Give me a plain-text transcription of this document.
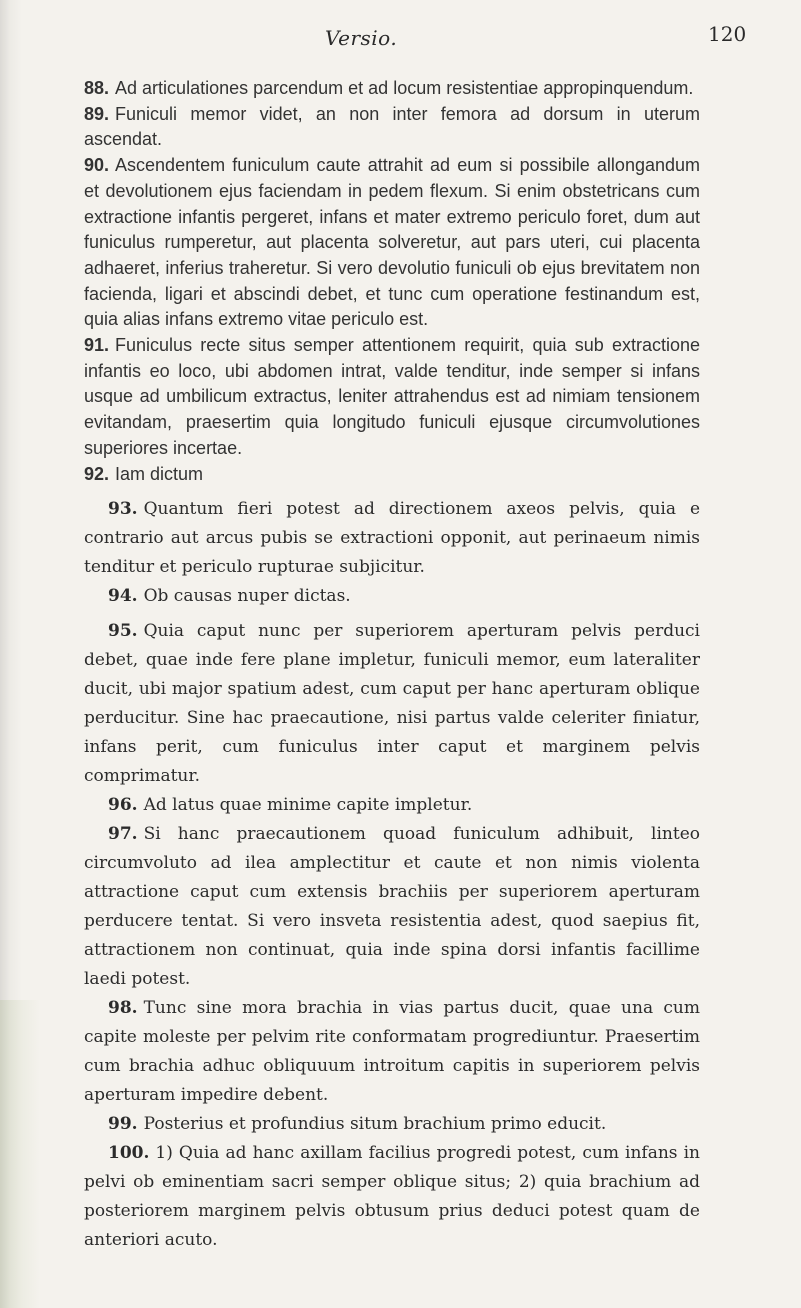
Versio.	120

88. Ad articulationes parcendum et ad locum resistentiae appropinquendum.

89. Funiculi memor videt, an non inter femora ad dorsum in uterum ascendat.

90. Ascendentem funiculum caute attrahit ad eum si possibile allongandum et devolutionem ejus faciendam in pedem flexum. Si enim obstetricans cum extractione infantis pergeret, infans et mater extremo periculo foret, dum aut funiculus rumperetur, aut placenta solveretur, aut pars uteri, cui placenta adhaeret, inferius traheretur. Si vero devolutio funiculi ob ejus brevitatem non facienda, ligari et abscindi debet, et tunc cum operatione festinandum est, quia alias infans extremo vitae periculo est.

91. Funiculus recte situs semper attentionem requirit, quia sub extractione infantis eo loco, ubi abdomen intrat, valde tenditur, inde semper si infans usque ad umbilicum extractus, leniter attrahendus est ad nimiam tensionem evitandam, praesertim quia longitudo funiculi ejusque circumvolutiones superiores incertae.

92. Iam dictum

93. Quantum fieri potest ad directionem axeos pelvis, quia e contrario aut arcus pubis se extractioni opponit, aut perinaeum nimis tenditur et periculo rupturae subjicitur.

94. Ob causas nuper dictas.

95. Quia caput nunc per superiorem aperturam pelvis perduci debet, quae inde fere plane impletur, funiculi memor, eum lateraliter ducit, ubi major spatium adest, cum caput per hanc aperturam oblique perducitur. Sine hac praecautione, nisi partus valde celeriter finiatur, infans perit, cum funiculus inter caput et marginem pelvis comprimatur.

96. Ad latus quae minime capite impletur.

97. Si hanc praecautionem quoad funiculum adhibuit, linteo circumvoluto ad ilea amplectitur et caute et non nimis violenta attractione caput cum extensis brachiis per superiorem aperturam perducere tentat. Si vero insveta resistentia adest, quod saepius fit, attractionem non continuat, quia inde spina dorsi infantis facillime laedi potest.

98. Tunc sine mora brachia in vias partus ducit, quae una cum capite moleste per pelvim rite conformatam progrediuntur. Praesertim cum brachia adhuc obliquuum introitum capitis in superiorem pelvis aperturam impedire debent.

99. Posterius et profundius situm brachium primo educit.

100. 1) Quia ad hanc axillam facilius progredi potest, cum infans in pelvi ob eminentiam sacri semper oblique situs; 2) quia brachium ad posteriorem marginem pelvis obtusum prius deduci potest quam de anteriori acuto.
